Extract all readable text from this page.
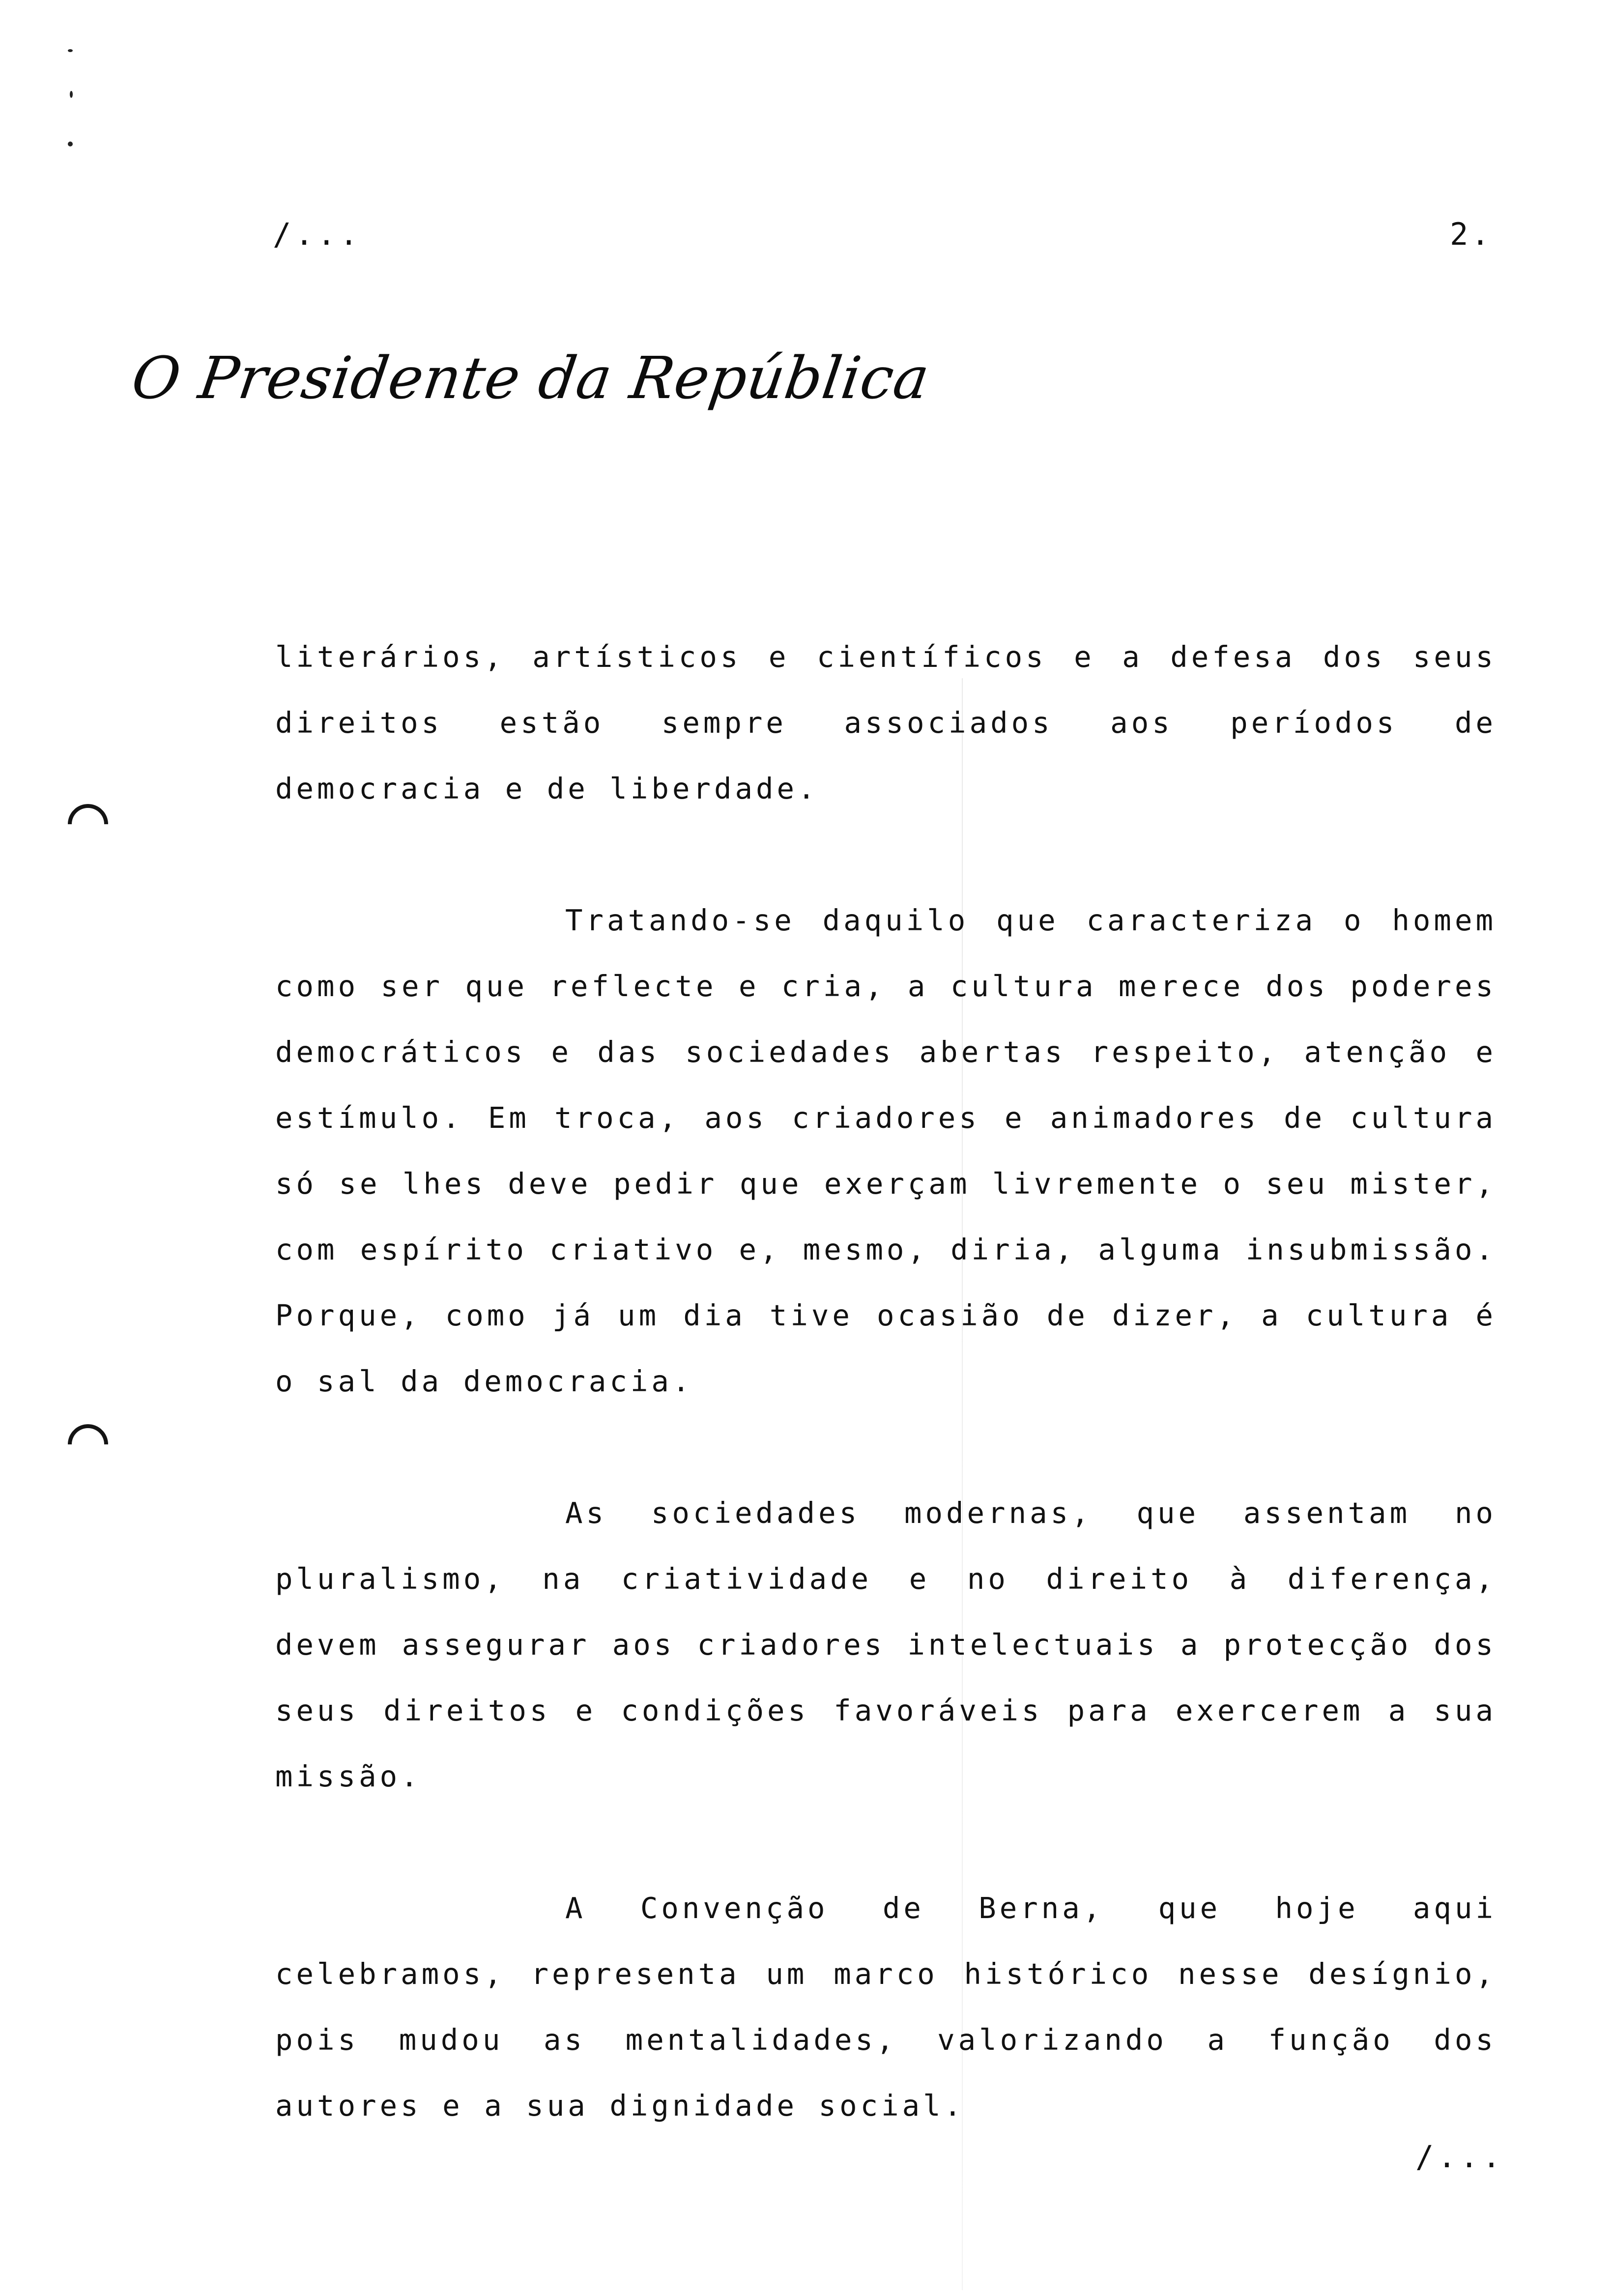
/...	2.
O Presidente da República

literários, artísticos e científicos e a defesa dos seus direitos estão sempre associados aos períodos de democracia e de liberdade.

Tratando-se daquilo que caracteriza o homem como ser que reflecte e cria, a cultura merece dos poderes democráticos e das sociedades abertas respeito, atenção e estímulo. Em troca, aos criadores e animadores de cultura só se lhes deve pedir que exerçam livremente o seu mister, com espírito criativo e, mesmo, diria, alguma insubmissão. Porque, como já um dia tive ocasião de dizer, a cultura é o sal da democracia.

As sociedades modernas, que assentam no pluralismo, na criatividade e no direito à diferença, devem assegurar aos criadores intelectuais a protecção dos seus direitos e condições favoráveis para exercerem a sua missão.

A Convenção de Berna, que hoje aqui celebramos, representa um marco histórico nesse desígnio, pois mudou as mentalidades, valorizando a função dos autores e a sua dignidade social.

/...
